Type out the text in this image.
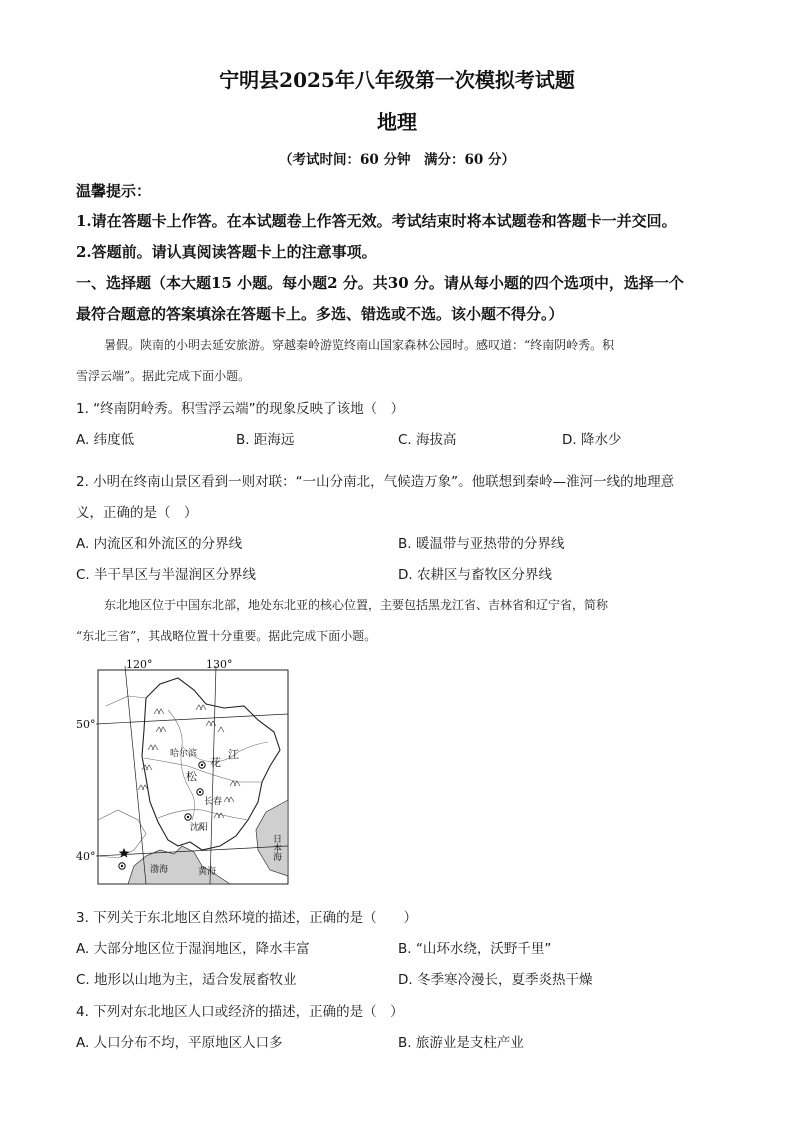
宁明县2025年八年级第一次模拟考试题
地理
（考试时间：60 分钟　满分：60 分）
温馨提示：
1.请在答题卡上作答。在本试题卷上作答无效。考试结束时将本试题卷和答题卡一并交回。
2.答题前。请认真阅读答题卡上的注意事项。
一、选择题（本大题15 小题。每小题2 分。共30 分。请从每小题的四个选项中，选择一个
最符合题意的答案填涂在答题卡上。多选、错选或不选。该小题不得分。）
暑假。陕南的小明去延安旅游。穿越秦岭游览终南山国家森林公园时。感叹道：“终南阴岭秀。积
雪浮云端”。据此完成下面小题。
1. “终南阴岭秀。积雪浮云端”的现象反映了该地（　）
A. 纬度低	B. 距海远	C. 海拔高	D. 降水少
2. 小明在终南山景区看到一则对联：“一山分南北，气候造万象”。他联想到秦岭—淮河一线的地理意
义，正确的是（　）
A. 内流区和外流区的分界线	B. 暖温带与亚热带的分界线
C. 半干旱区与半湿润区分界线	D. 农耕区与畜牧区分界线
东北地区位于中国东北部，地处东北亚的核心位置，主要包括黑龙江省、吉林省和辽宁省，简称
“东北三省”，其战略位置十分重要。据此完成下面小题。
120°	130°
50°
40°
哈尔滨	江
花
松
长春
沈阳
渤海	黄海
日本海
3. 下列关于东北地区自然环境的描述，正确的是（　　）
A. 大部分地区位于湿润地区，降水丰富	B. “山环水绕，沃野千里”
C. 地形以山地为主，适合发展畜牧业	D. 冬季寒冷漫长，夏季炎热干燥
4. 下列对东北地区人口或经济的描述，正确的是（　）
A. 人口分布不均，平原地区人口多	B. 旅游业是支柱产业
